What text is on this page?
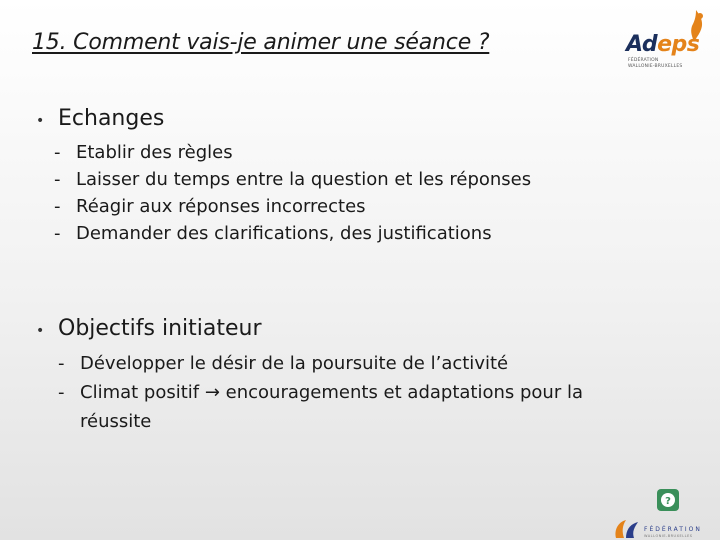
15. Comment vais-je animer une séance ?	Adeps
FÉDÉRATION
WALLONIE-BRUXELLES
• Echanges
- Etablir des règles
- Laisser du temps entre la question et les réponses
- Réagir aux réponses incorrectes
- Demander des clarifications, des justifications
• Objectifs initiateur
- Développer le désir de la poursuite de l’activité
- Climat positif → encouragements et adaptations pour la réussite
?
FÉDÉRATION
WALLONIE-BRUXELLES
